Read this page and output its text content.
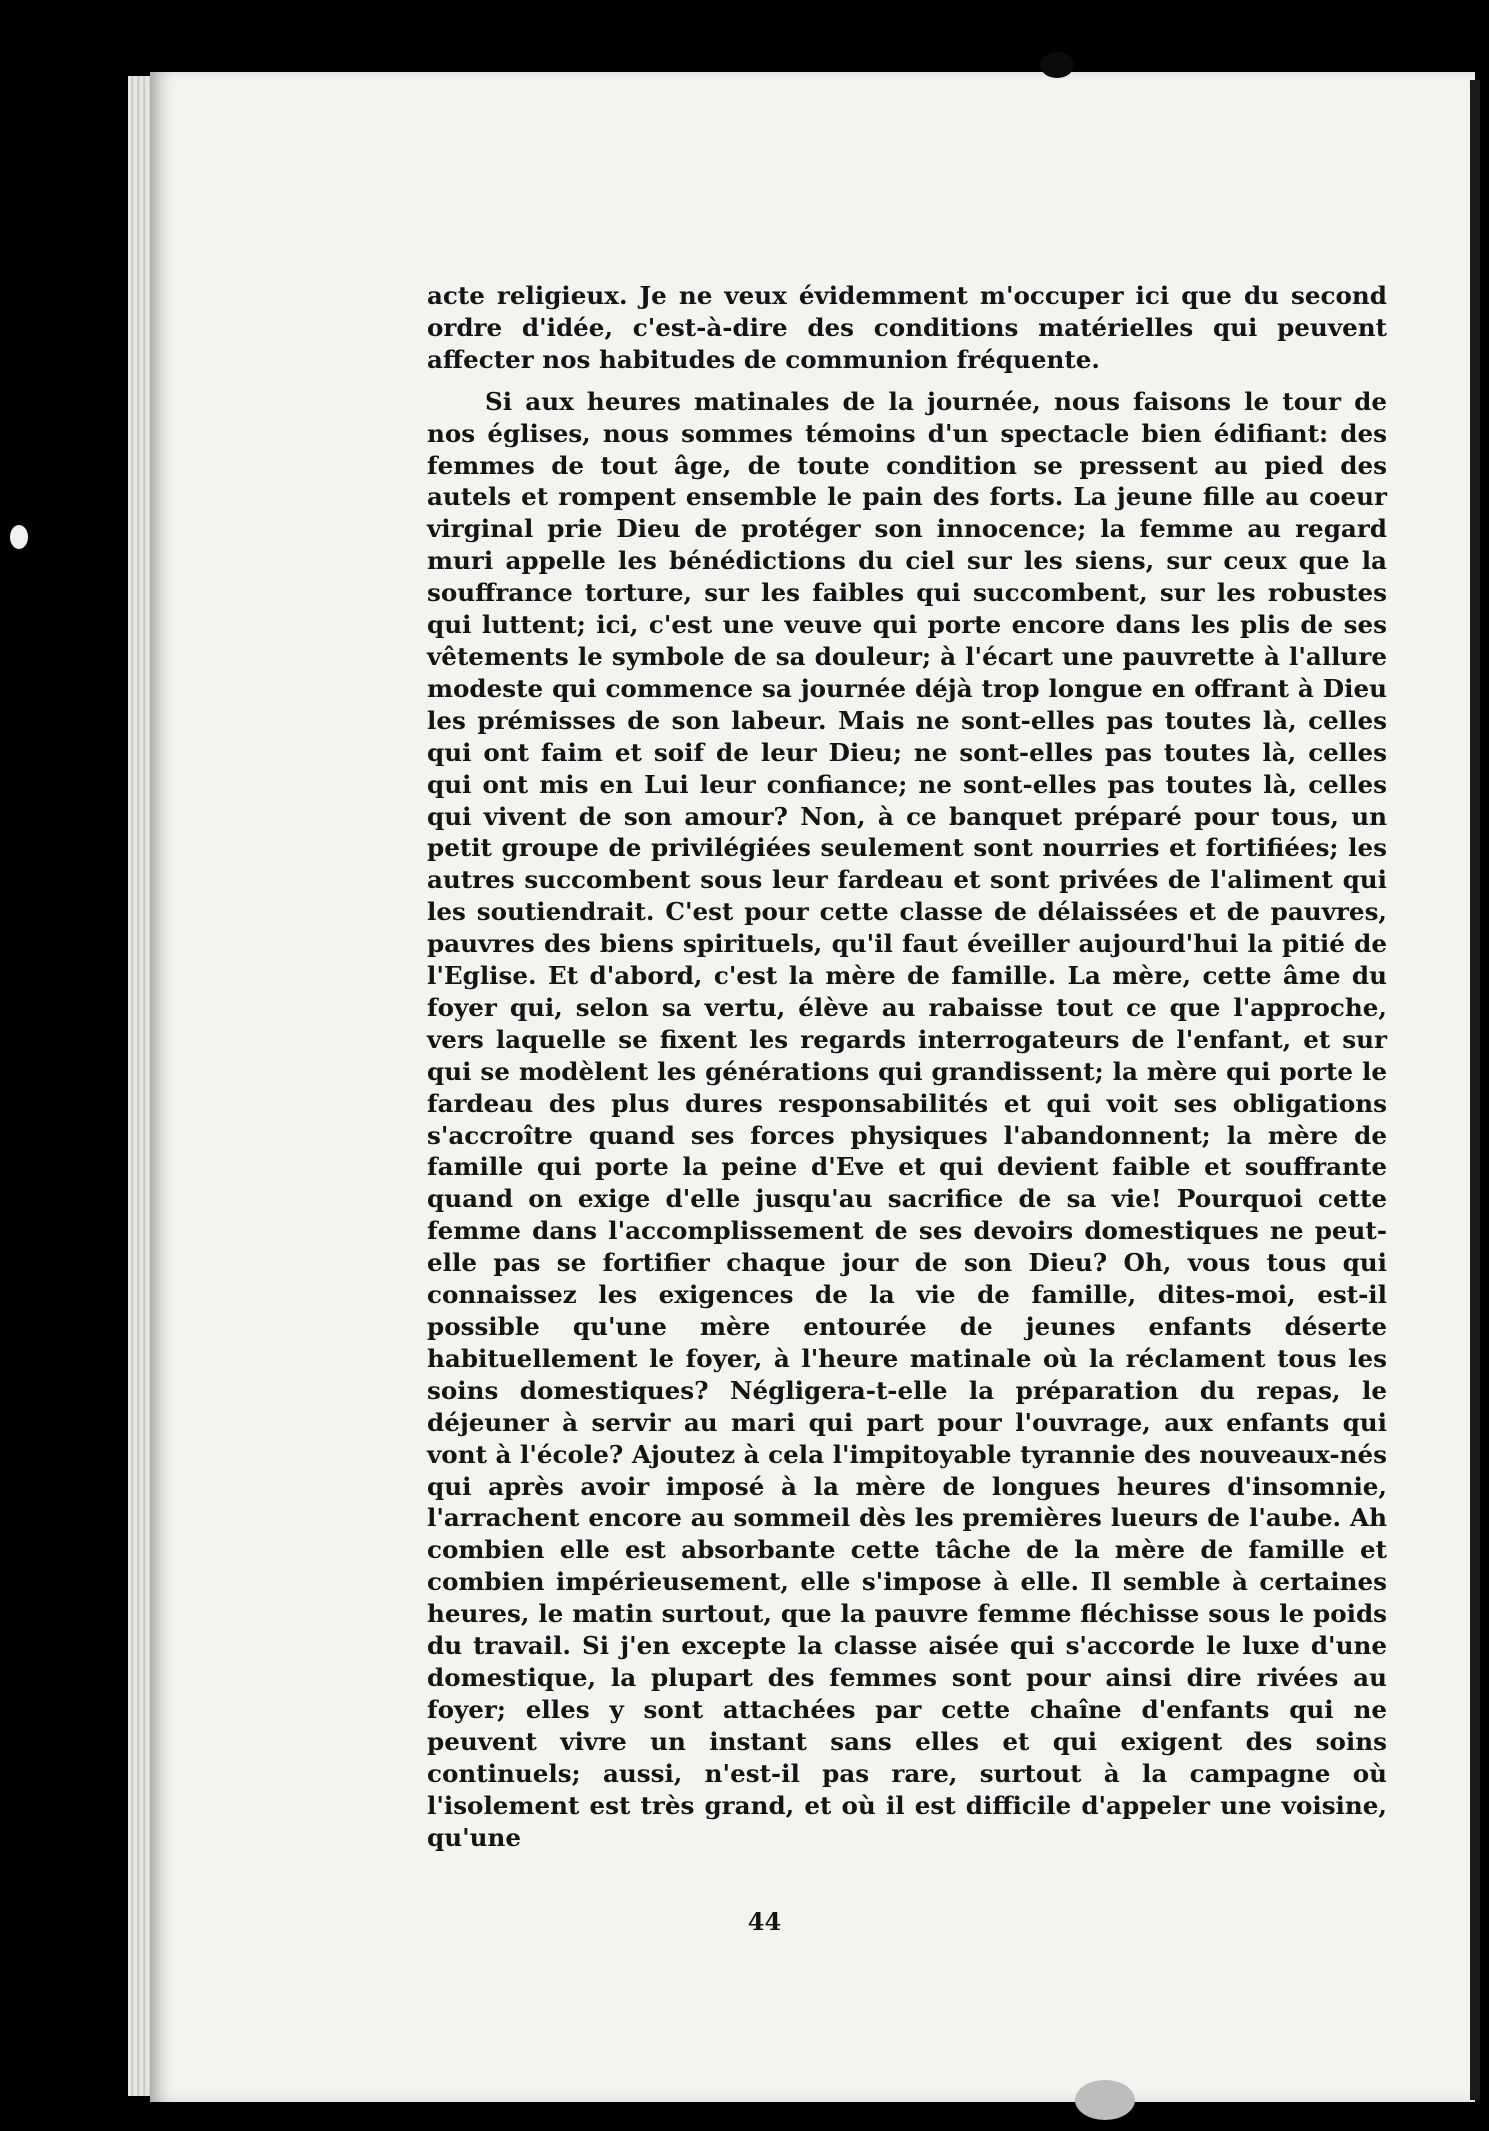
acte religieux. Je ne veux évidemment m'occuper ici que du second ordre d'idée, c'est-à-dire des conditions matérielles qui peuvent affecter nos habitudes de communion fréquente.

Si aux heures matinales de la journée, nous faisons le tour de nos églises, nous sommes témoins d'un spectacle bien édifiant: des femmes de tout âge, de toute condition se pressent au pied des autels et rompent ensemble le pain des forts. La jeune fille au coeur virginal prie Dieu de protéger son innocence; la femme au regard muri appelle les bénédictions du ciel sur les siens, sur ceux que la souffrance torture, sur les faibles qui succombent, sur les robustes qui luttent; ici, c'est une veuve qui porte encore dans les plis de ses vêtements le symbole de sa douleur; à l'écart une pauvrette à l'allure modeste qui commence sa journée déjà trop longue en offrant à Dieu les prémisses de son labeur. Mais ne sont-elles pas toutes là, celles qui ont faim et soif de leur Dieu; ne sont-elles pas toutes là, celles qui ont mis en Lui leur confiance; ne sont-elles pas toutes là, celles qui vivent de son amour? Non, à ce banquet préparé pour tous, un petit groupe de privilégiées seulement sont nourries et fortifiées; les autres succombent sous leur fardeau et sont privées de l'aliment qui les soutiendrait. C'est pour cette classe de délaissées et de pauvres, pauvres des biens spirituels, qu'il faut éveiller aujourd'hui la pitié de l'Eglise. Et d'abord, c'est la mère de famille. La mère, cette âme du foyer qui, selon sa vertu, élève au rabaisse tout ce que l'approche, vers laquelle se fixent les regards interrogateurs de l'enfant, et sur qui se modèlent les générations qui grandissent; la mère qui porte le fardeau des plus dures responsabilités et qui voit ses obligations s'accroître quand ses forces physiques l'abandonnent; la mère de famille qui porte la peine d'Eve et qui devient faible et souffrante quand on exige d'elle jusqu'au sacrifice de sa vie! Pourquoi cette femme dans l'accomplissement de ses devoirs domestiques ne peut-elle pas se fortifier chaque jour de son Dieu? Oh, vous tous qui connaissez les exigences de la vie de famille, dites-moi, est-il possible qu'une mère entourée de jeunes enfants déserte habituellement le foyer, à l'heure matinale où la réclament tous les soins domestiques? Négligera-t-elle la préparation du repas, le déjeuner à servir au mari qui part pour l'ouvrage, aux enfants qui vont à l'école? Ajoutez à cela l'impitoyable tyrannie des nouveaux-nés qui après avoir imposé à la mère de longues heures d'insomnie, l'arrachent encore au sommeil dès les premières lueurs de l'aube. Ah combien elle est absorbante cette tâche de la mère de famille et combien impérieusement, elle s'impose à elle. Il semble à certaines heures, le matin surtout, que la pauvre femme fléchisse sous le poids du travail. Si j'en excepte la classe aisée qui s'accorde le luxe d'une domestique, la plupart des femmes sont pour ainsi dire rivées au foyer; elles y sont attachées par cette chaîne d'enfants qui ne peuvent vivre un instant sans elles et qui exigent des soins continuels; aussi, n'est-il pas rare, surtout à la campagne où l'isolement est très grand, et où il est difficile d'appeler une voisine, qu'une

44
